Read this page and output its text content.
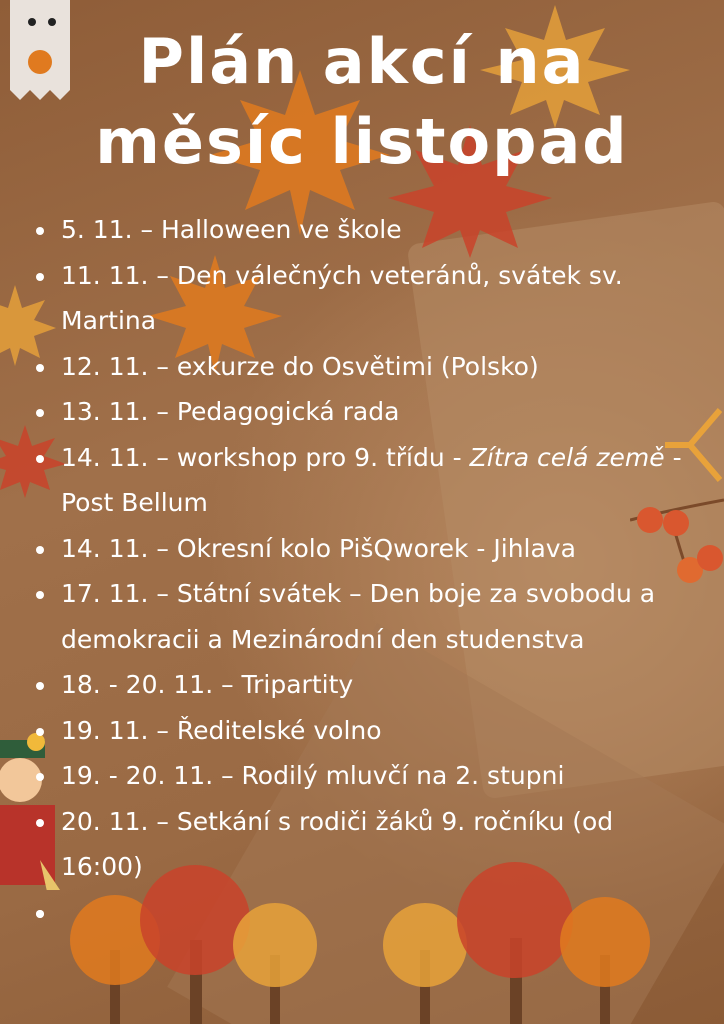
Plán akcí na
měsíc listopad
5. 11. – Halloween ve škole
11. 11. – Den válečných veteránů, svátek sv. Martina
12. 11. – exkurze do Osvětimi (Polsko)
13. 11. – Pedagogická rada
14. 11. – workshop pro 9. třídu - Zítra celá země - Post Bellum
14. 11. – Okresní kolo PišQworek - Jihlava
17. 11. – Státní svátek – Den boje za svobodu a demokracii a Mezinárodní den studenstva
18. - 20. 11. – Tripartity
19. 11. – Ředitelské volno
19. - 20. 11. – Rodilý mluvčí na 2. stupni
20. 11. – Setkání s rodiči žáků 9. ročníku (od 16:00)
